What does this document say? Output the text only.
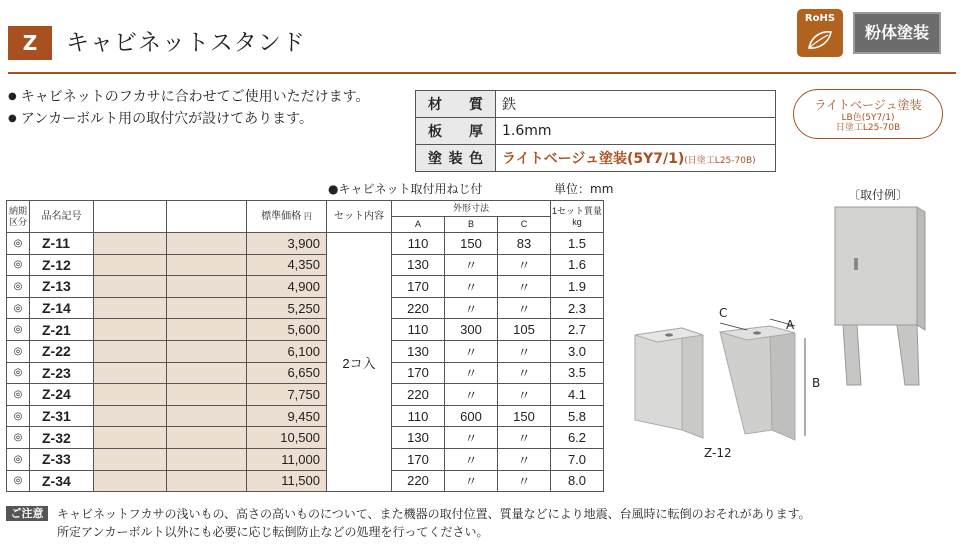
Z	キャビネットスタンド
RoHS
粉体塗装
● キャビネットのフカサに合わせてご使用いただけます。
● アンカーボルト用の取付穴が設けてあります。
材　質	鉄
板　厚	1.6mm
塗装色	ライトベージュ塗装(5Y7/1)(日塗工L25-70B)
ライトベージュ塗装
LB色(5Y7/1)
日塗工L25-70B
●キャビネット取付用ねじ付	単位：mm
納期区分	品名記号			標準価格 円	セット内容	外形寸法			1セット質量
kg
						A	B	C	
◎	Z-11			3,900	2コ入	110	150	83	1.5
◎	Z-12			4,350		130	〃	〃	1.6
◎	Z-13			4,900		170	〃	〃	1.9
◎	Z-14			5,250		220	〃	〃	2.3
◎	Z-21			5,600		110	300	105	2.7
◎	Z-22			6,100		130	〃	〃	3.0
◎	Z-23			6,650		170	〃	〃	3.5
◎	Z-24			7,750		220	〃	〃	4.1
◎	Z-31			9,450		110	600	150	5.8
◎	Z-32			10,500		130	〃	〃	6.2
◎	Z-33			11,000		170	〃	〃	7.0
◎	Z-34			11,500		220	〃	〃	8.0
C
A
B
Z-12
〔取付例〕
ご注意	キャビネットフカサの浅いもの、高さの高いものについて、また機器の取付位置、質量などにより地震、台風時に転倒のおそれがあります。
所定アンカーボルト以外にも必要に応じ転倒防止などの処理を行ってください。
